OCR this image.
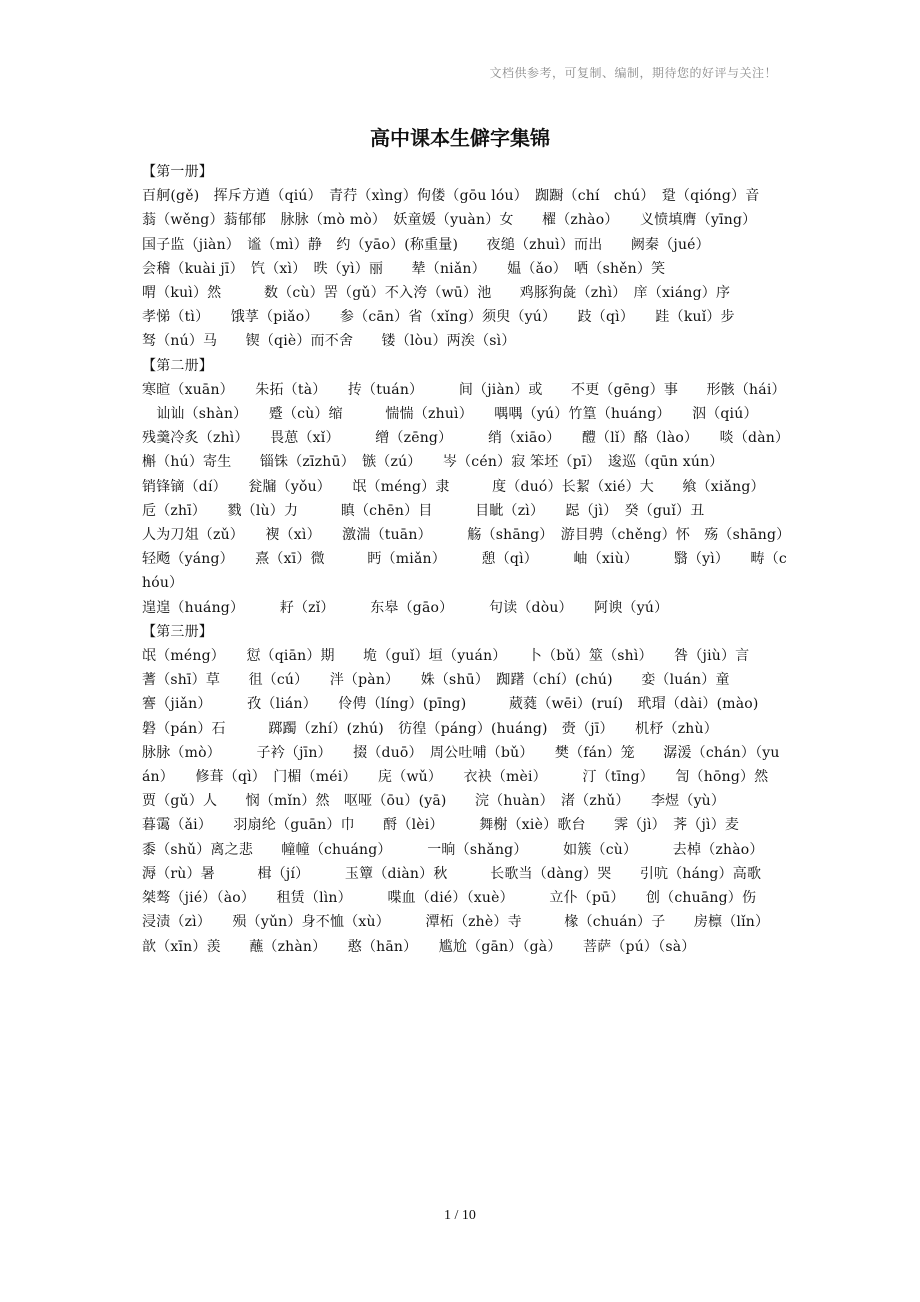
文档供参考，可复制、编制，期待您的好评与关注！
高中课本生僻字集锦
【第一册】
百舸(gě)　挥斥方遒（qiú）　青荇（xìng）佝偻（gōu lóu）　踟蹰（chí　chú）　跫（qióng）音　　蓊（wěng）蓊郁郁　脉脉（mò mò）　妖童媛（yuàn）女　　櫂（zhào）　　义愤填膺（yīng）
国子监（jiàn）　谧（mì）静　约（yāo）(称重量)　　夜缒（zhuì）而出　　阙秦（jué）
会稽（kuài jī）　饩（xì）　昳（yì）丽　　辇（niǎn）　　媪（ǎo）　哂（shěn）笑
喟（kuì）然　　　数（cù）罟（gǔ）不入洿（wū）池　　鸡豚狗彘（zhì）　庠（xiáng）序
孝悌（tì）　　饿莩（piǎo）　　参（cān）省（xǐng）须臾（yú）　　跂（qì）　　跬（kuǐ）步
驽（nú）马　　锲（qiè）而不舍　　镂（lòu）两涘（sì）
【第二册】
寒暄（xuān）　　朱拓（tà）　　抟（tuán）　　　间（jiàn）或　　不更（gēng）事　　形骸（hái）
　讪讪（shàn）　　蹙（cù）缩　　　惴惴（zhuì）　　喁喁（yú）竹篁（huáng）　　泅（qiú）
残羹冷炙（zhì）　　畏葸（xǐ）　　　缯（zēng）　　　绡（xiāo）　　醴（lǐ）酪（lào）　　啖（dàn）　槲（hú）寄生　　锱铢（zīzhū）　镞（zú）　　岑（cén）寂 笨坯（pī）　逡巡（qūn xún）
销锋镝（dí）　　瓮牖（yǒu）　　氓（méng）隶　　　度（duó）长絜（xié）大　　飨（xiǎng）
卮（zhī）　　戮（lù）力　　　瞋（chēn）目　　　目眦（zì）　　跽（jì）　癸（guǐ）丑
人为刀俎（zǔ）　　褉（xì）　　激湍（tuān）　　　觞（shāng）　游目骋（chěng）怀　殇（shāng）
轻飏（yáng）　　熹（xī）微　　　眄（miǎn）　　　憩（qì）　　　岫（xiù）　　　翳（yì）　　畴（chóu）
遑遑（huáng）　　　耔（zǐ）　　　东皋（gāo）　　　句读（dòu）　　阿谀（yú）
【第三册】
氓（méng）　　愆（qiān）期　　垝（guǐ）垣（yuán）　　卜（bǔ）筮（shì）　　咎（jiù）言
蓍（shī）草　　徂（cú）　　泮（pàn）　　姝（shū）　踟躇（chí）(chú)　　娈（luán）童
謇（jiǎn）　　　孜（lián）　　伶俜（líng）(pīng)　　　葳蕤（wēi）(ruí)　玳瑁（dài）(mào)　　磐（pán）石　　　踯躅（zhí）(zhú)　彷徨（páng）(huáng)　赍（jī）　　机杼（zhù）
脉脉（mò）　　　子衿（jīn）　　掇（duō）　周公吐哺（bǔ）　　樊（fán）笼　　潺湲（chán）（yuán）　　修葺（qì）　门楣（méi）　　庑（wǔ）　　衣袂（mèi）　　　汀（tīng）　　訇（hōng）然
贾（gǔ）人　　悯（mǐn）然　呕哑（ōu）(yā)　　浣（huàn）　渚（zhǔ）　　李煜（yù）
暮霭（ǎi）　　羽扇纶（guān）巾　　酹（lèi）　　　舞榭（xiè）歌台　　霁（jì）　荠（jì）麦
黍（shǔ）离之悲　　幢幢（chuáng）　　　一晌（shǎng）　　　如簇（cù）　　　去棹（zhào）
溽（rù）暑　　　楫（jí）　　　玉簟（diàn）秋　　　长歌当（dàng）哭　　引吭（háng）高歌
桀骜（jié）（ào）　　租赁（lìn）　　　喋血（dié）（xuè）　　　立仆（pū）　　创（chuāng）伤
浸渍（zì）　　殒（yǔn）身不恤（xù）　　　潭柘（zhè）寺　　　椽（chuán）子　　房檩（lǐn）
歆（xīn）羡　　蘸（zhàn）　　憨（hān）　　尴尬（gān）（gà）　　菩萨（pú）（sà）
1 / 10
